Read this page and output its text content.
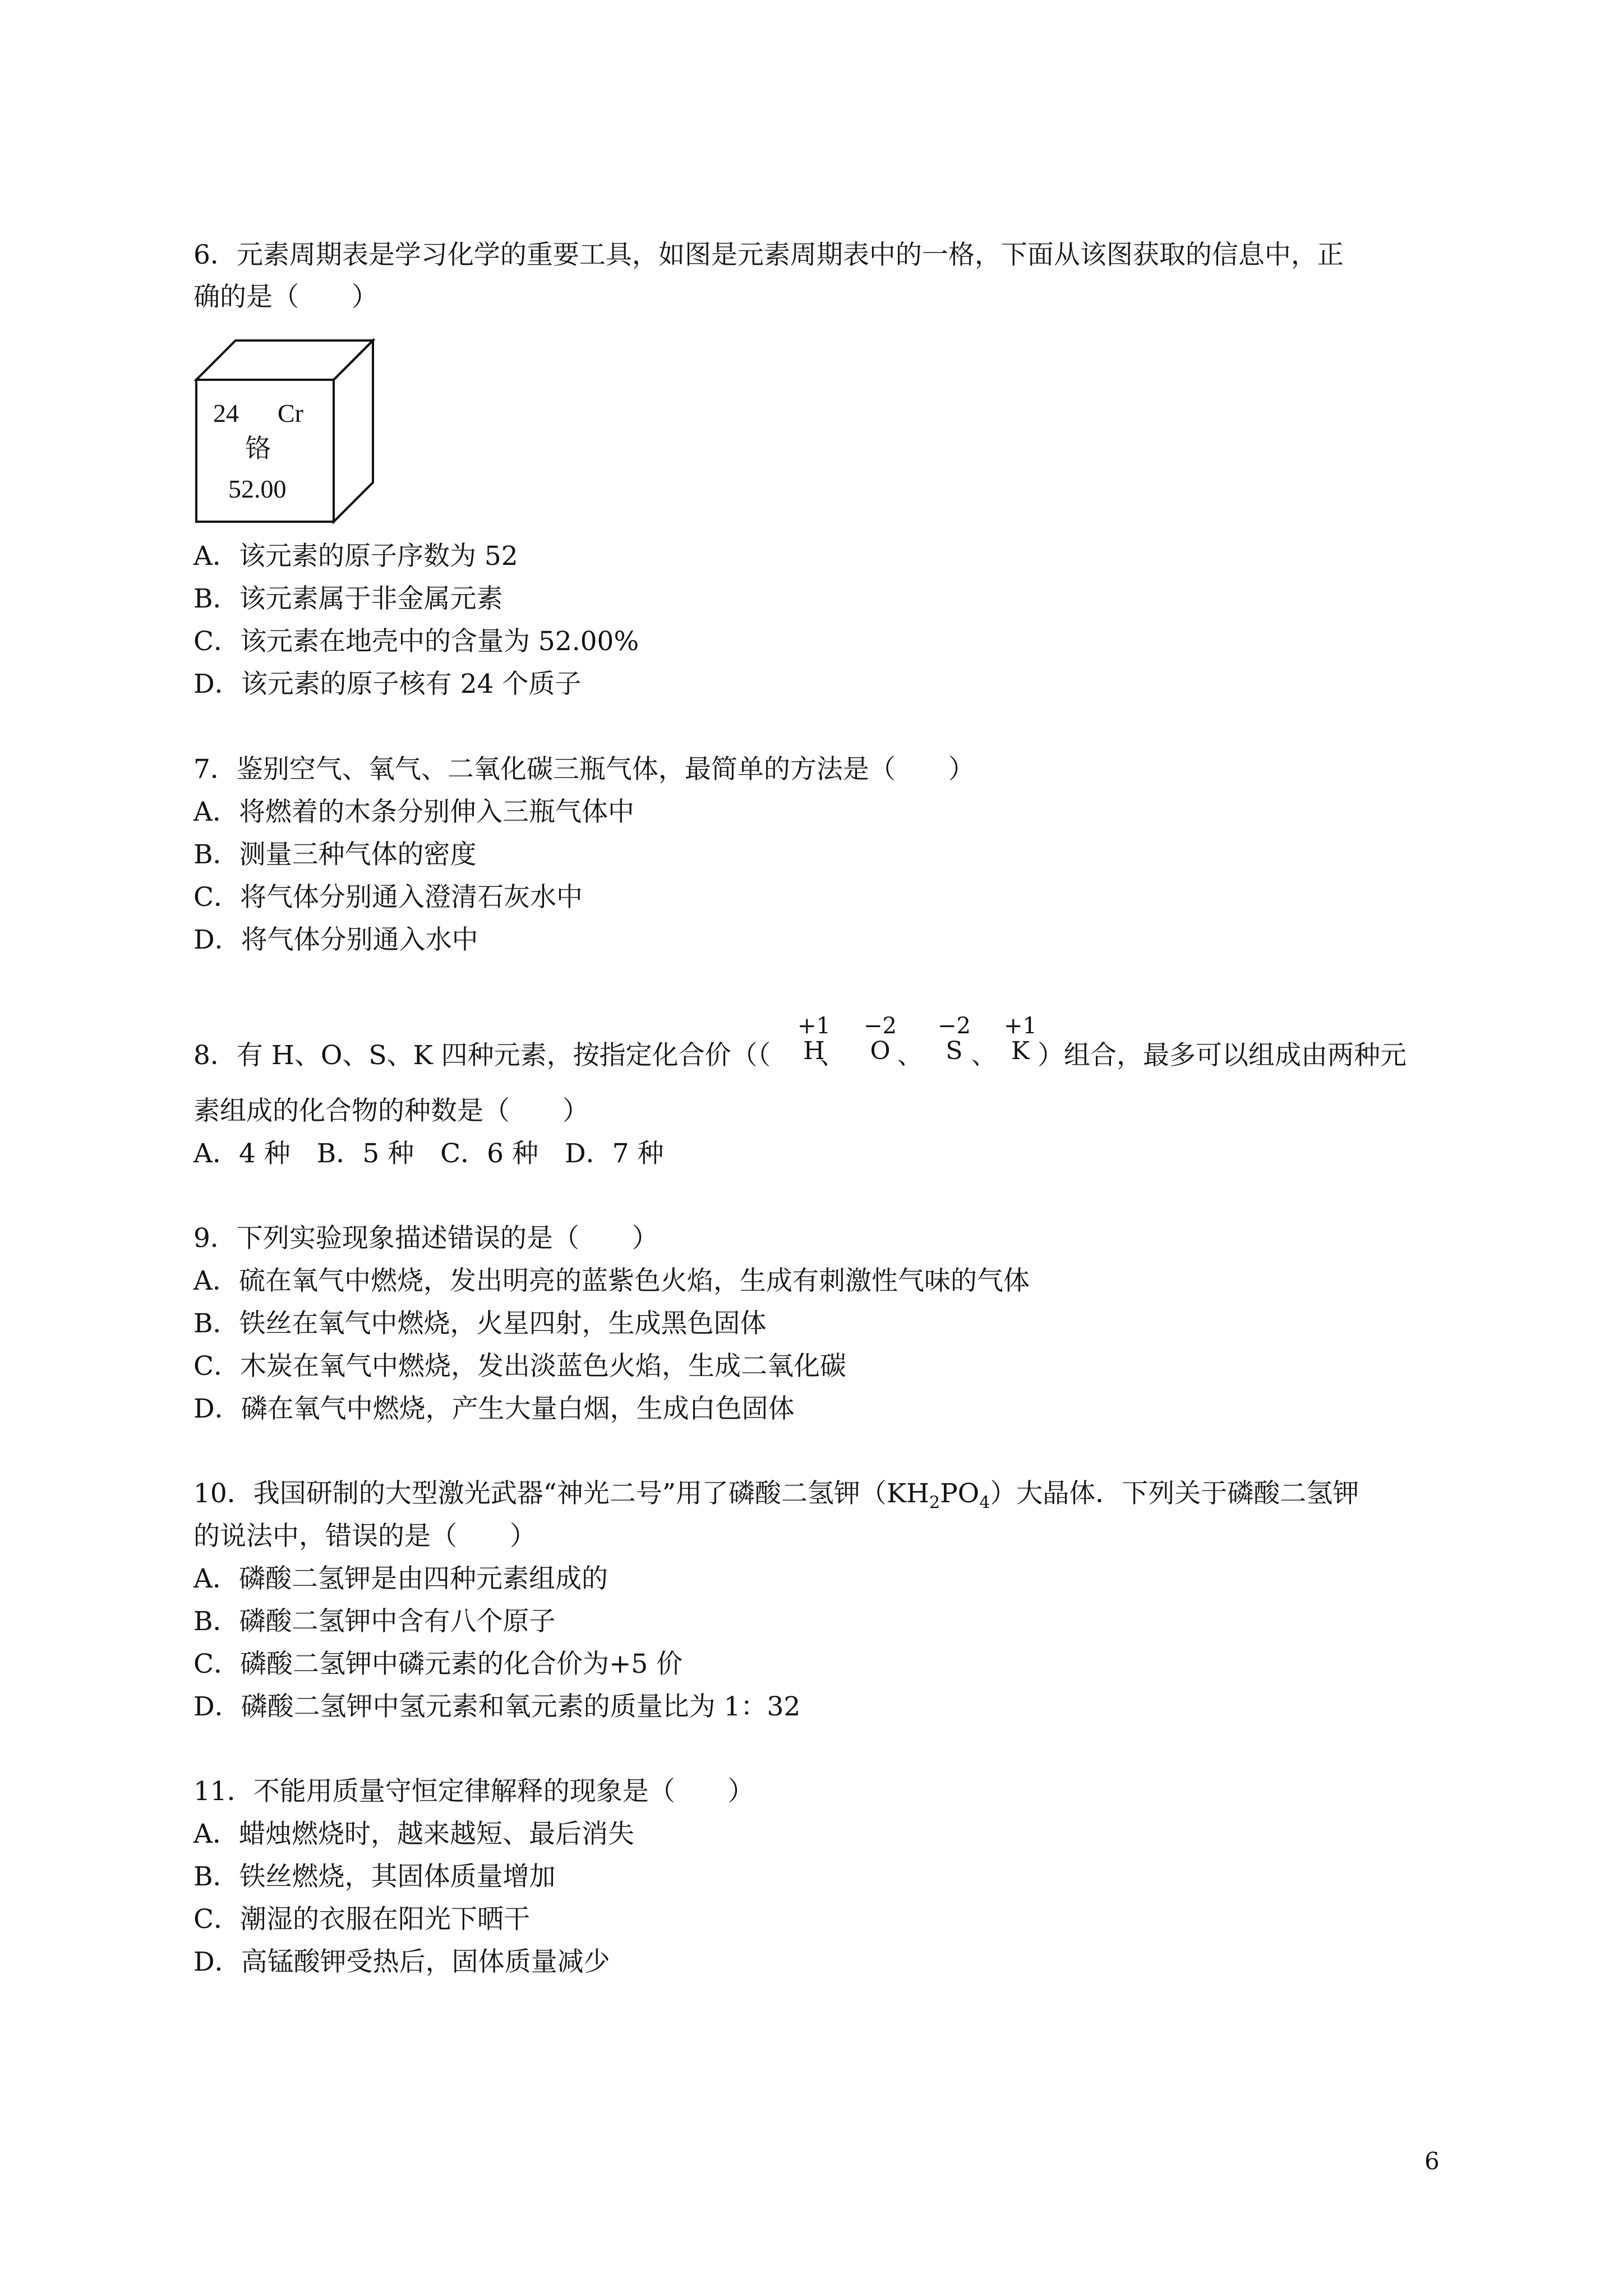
6．元素周期表是学习化学的重要工具，如图是元素周期表中的一格，下面从该图获取的信息中，正
确的是（　　）
24 Cr
铬
52.00
A．该元素的原子序数为 52
B．该元素属于非金属元素
C．该元素在地壳中的含量为 52.00%
D．该元素的原子核有 24 个质子
7．鉴别空气、氧气、二氧化碳三瓶气体，最简单的方法是（　　）
A．将燃着的木条分别伸入三瓶气体中
B．测量三种气体的密度
C．将气体分别通入澄清石灰水中
D．将气体分别通入水中
8．有 H、O、S、K 四种元素，按指定化合价（（
+1
H
、
−2
O 、
−2
S 、
+1
K ）组合，最多可以组成由两种元
素组成的化合物的种数是（　　）
A．4 种　B．5 种　C．6 种　D．7 种
9．下列实验现象描述错误的是（　　）
A．硫在氧气中燃烧，发出明亮的蓝紫色火焰，生成有刺激性气味的气体
B．铁丝在氧气中燃烧，火星四射，生成黑色固体
C．木炭在氧气中燃烧，发出淡蓝色火焰，生成二氧化碳
D．磷在氧气中燃烧，产生大量白烟，生成白色固体
10．我国研制的大型激光武器“神光二号”用了磷酸二氢钾$(KH_2PO_4)$大晶体．下列关于磷酸二氢钾
的说法中，错误的是（　　）
A．磷酸二氢钾是由四种元素组成的
B．磷酸二氢钾中含有八个原子
C．磷酸二氢钾中磷元素的化合价为+5 价
D．磷酸二氢钾中氢元素和氧元素的质量比为 1：32
11．不能用质量守恒定律解释的现象是（　　）
A．蜡烛燃烧时，越来越短、最后消失
B．铁丝燃烧，其固体质量增加
C．潮湿的衣服在阳光下晒干
D．高锰酸钾受热后，固体质量减少
6
